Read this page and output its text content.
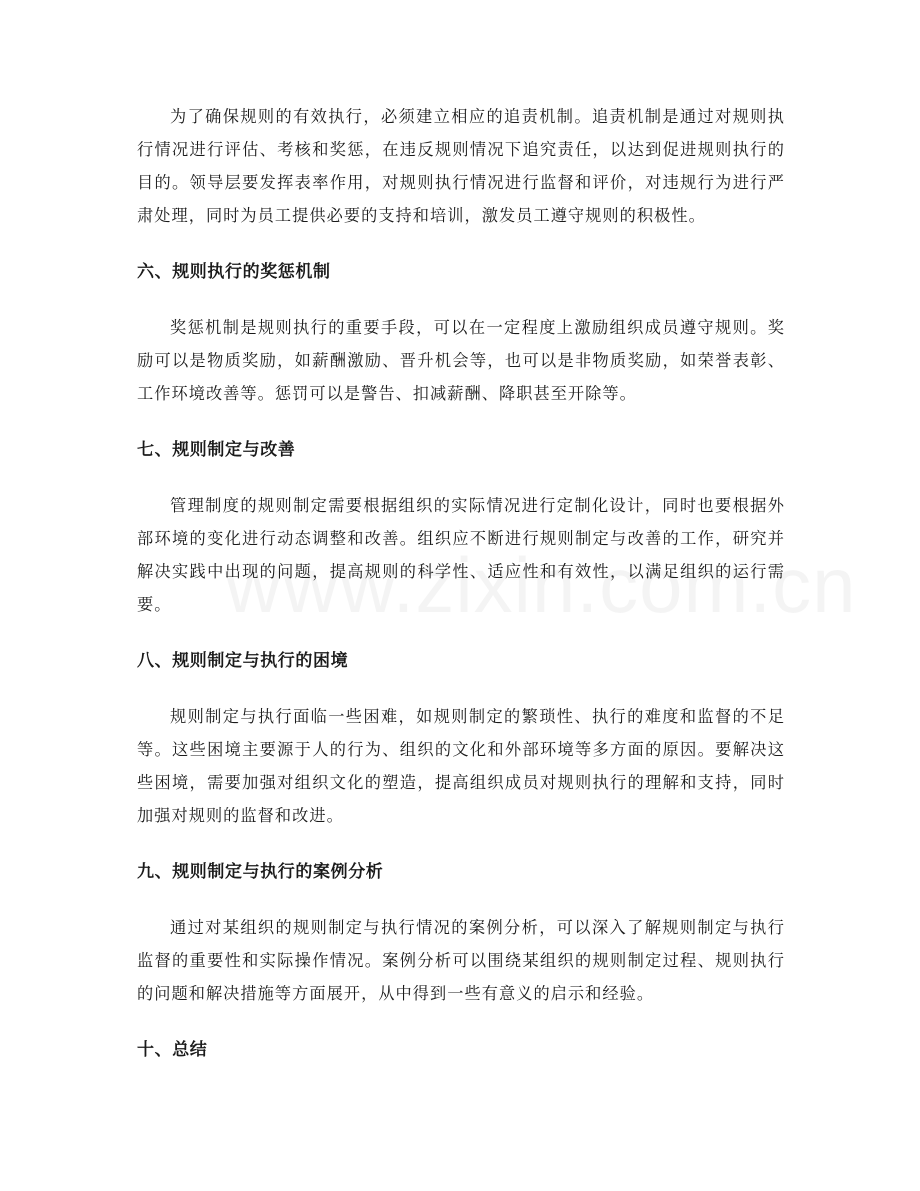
为了确保规则的有效执行，必须建立相应的追责机制。追责机制是通过对规则执行情况进行评估、考核和奖惩，在违反规则情况下追究责任，以达到促进规则执行的目的。领导层要发挥表率作用，对规则执行情况进行监督和评价，对违规行为进行严肃处理，同时为员工提供必要的支持和培训，激发员工遵守规则的积极性。

六、规则执行的奖惩机制

奖惩机制是规则执行的重要手段，可以在一定程度上激励组织成员遵守规则。奖励可以是物质奖励，如薪酬激励、晋升机会等，也可以是非物质奖励，如荣誉表彰、工作环境改善等。惩罚可以是警告、扣减薪酬、降职甚至开除等。

七、规则制定与改善

管理制度的规则制定需要根据组织的实际情况进行定制化设计，同时也要根据外部环境的变化进行动态调整和改善。组织应不断进行规则制定与改善的工作，研究并解决实践中出现的问题，提高规则的科学性、适应性和有效性，以满足组织的运行需要。

八、规则制定与执行的困境

规则制定与执行面临一些困难，如规则制定的繁琐性、执行的难度和监督的不足等。这些困境主要源于人的行为、组织的文化和外部环境等多方面的原因。要解决这些困境，需要加强对组织文化的塑造，提高组织成员对规则执行的理解和支持，同时加强对规则的监督和改进。

九、规则制定与执行的案例分析

通过对某组织的规则制定与执行情况的案例分析，可以深入了解规则制定与执行监督的重要性和实际操作情况。案例分析可以围绕某组织的规则制定过程、规则执行的问题和解决措施等方面展开，从中得到一些有意义的启示和经验。

十、总结
